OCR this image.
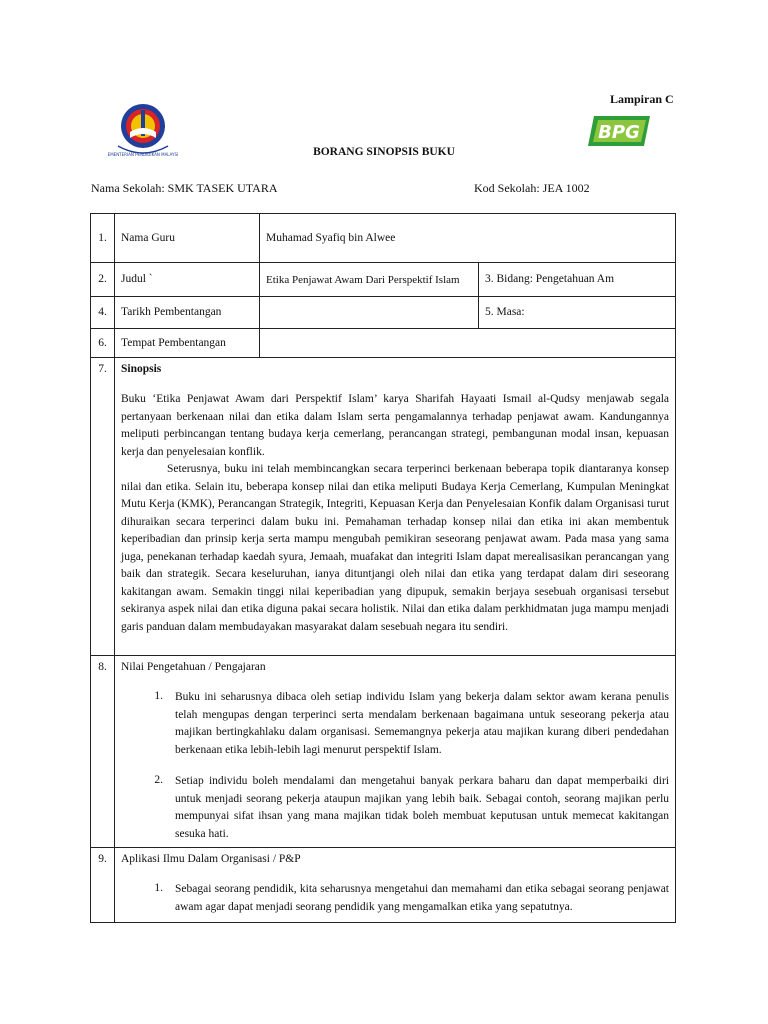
KEMENTERIAN PENDIDIKAN MALAYSIA
Lampiran C
BPG
BORANG SINOPSIS BUKU
Nama Sekolah: SMK TASEK UTARA	Kod Sekolah: JEA 1002
1.	Nama Guru	Muhamad Syafiq bin Alwee	
2.	Judul `	Etika Penjawat Awam Dari Perspektif Islam	3. Bidang: Pengetahuan Am
4.	Tarikh Pembentangan		5. Masa:
6.	Tempat Pembentangan		
7.	Sinopsis

Buku ‘Etika Penjawat Awam dari Perspektif Islam’ karya Sharifah Hayaati Ismail al-Qudsy menjawab segala pertanyaan berkenaan nilai dan etika dalam Islam serta pengamalannya terhadap penjawat awam. Kandungannya meliputi perbincangan tentang budaya kerja cemerlang, perancangan strategi, pembangunan modal insan, kepuasan kerja dan penyelesaian konflik.

Seterusnya, buku ini telah membincangkan secara terperinci berkenaan beberapa topik diantaranya konsep nilai dan etika. Selain itu, beberapa konsep nilai dan etika meliputi Budaya Kerja Cemerlang, Kumpulan Meningkat Mutu Kerja (KMK), Perancangan Strategik, Integriti, Kepuasan Kerja dan Penyelesaian Konfik dalam Organisasi turut dihuraikan secara terperinci dalam buku ini. Pemahaman terhadap konsep nilai dan etika ini akan membentuk keperibadian dan prinsip kerja serta mampu mengubah pemikiran seseorang penjawat awam. Pada masa yang sama juga, penekanan terhadap kaedah syura, Jemaah, muafakat dan integriti Islam dapat merealisasikan perancangan yang baik dan strategik. Secara keseluruhan, ianya dituntjangi oleh nilai dan etika yang terdapat dalam diri seseorang kakitangan awam. Semakin tinggi nilai keperibadian yang dipupuk, semakin berjaya sesebuah organisasi tersebut sekiranya aspek nilai dan etika diguna pakai secara holistik. Nilai dan etika dalam perkhidmatan juga mampu menjadi garis panduan dalam membudayakan masyarakat dalam sesebuah negara itu sendiri.		

8.	Nilai Pengetahuan / Pengajaran
1. Buku ini seharusnya dibaca oleh setiap individu Islam yang bekerja dalam sektor awam kerana penulis telah mengupas dengan terperinci serta mendalam berkenaan bagaimana untuk seseorang pekerja atau majikan bertingkahlaku dalam organisasi. Sememangnya pekerja atau majikan kurang diberi pendedahan berkenaan etika lebih-lebih lagi menurut perspektif Islam.
2. Setiap individu boleh mendalami dan mengetahui banyak perkara baharu dan dapat memperbaiki diri untuk menjadi seorang pekerja ataupun majikan yang lebih baik. Sebagai contoh, seorang majikan perlu mempunyai sifat ihsan yang mana majikan tidak boleh membuat keputusan untuk memecat kakitangan sesuka hati.		

9.	Aplikasi Ilmu Dalam Organisasi / P&P
1. Sebagai seorang pendidik, kita seharusnya mengetahui dan memahami dan etika sebagai seorang penjawat awam agar dapat menjadi seorang pendidik yang mengamalkan etika yang sepatutnya.		
